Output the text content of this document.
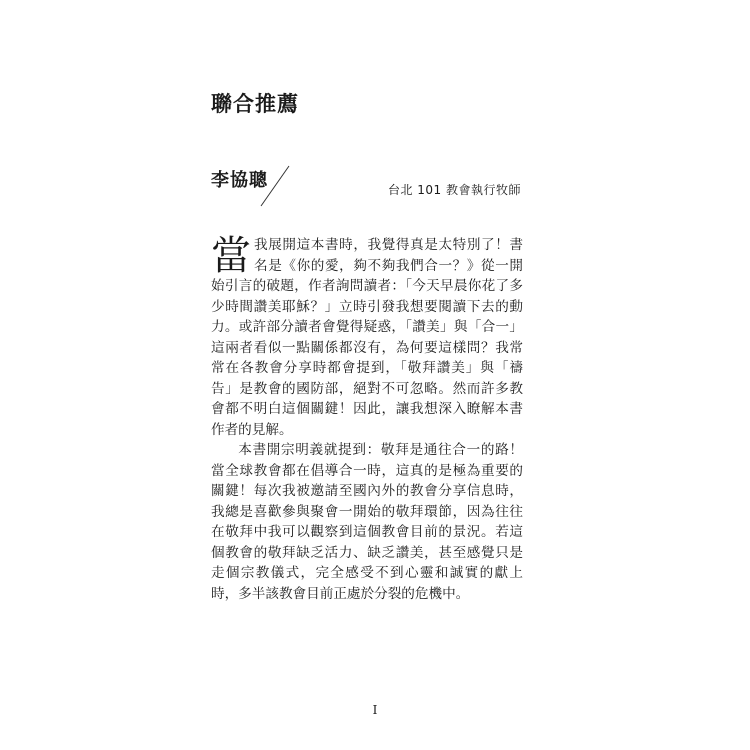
聯合推薦
李協聰	台北 101 教會執行牧師

當我展開這本書時，我覺得真是太特別了！書名是《你的愛，夠不夠我們合一？》從一開始引言的破題，作者詢問讀者：「今天早晨你花了多少時間讚美耶穌？」立時引發我想要閱讀下去的動力。或許部分讀者會覺得疑惑，「讚美」與「合一」這兩者看似一點關係都沒有，為何要這樣問？我常常在各教會分享時都會提到，「敬拜讚美」與「禱告」是教會的國防部，絕對不可忽略。然而許多教會都不明白這個關鍵！因此，讓我想深入瞭解本書作者的見解。

本書開宗明義就提到：敬拜是通往合一的路！當全球教會都在倡導合一時，這真的是極為重要的關鍵！每次我被邀請至國內外的教會分享信息時，我總是喜歡參與聚會一開始的敬拜環節，因為往往在敬拜中我可以觀察到這個教會目前的景況。若這個教會的敬拜缺乏活力、缺乏讚美，甚至感覺只是走個宗教儀式，完全感受不到心靈和誠實的獻上時，多半該教會目前正處於分裂的危機中。

I
